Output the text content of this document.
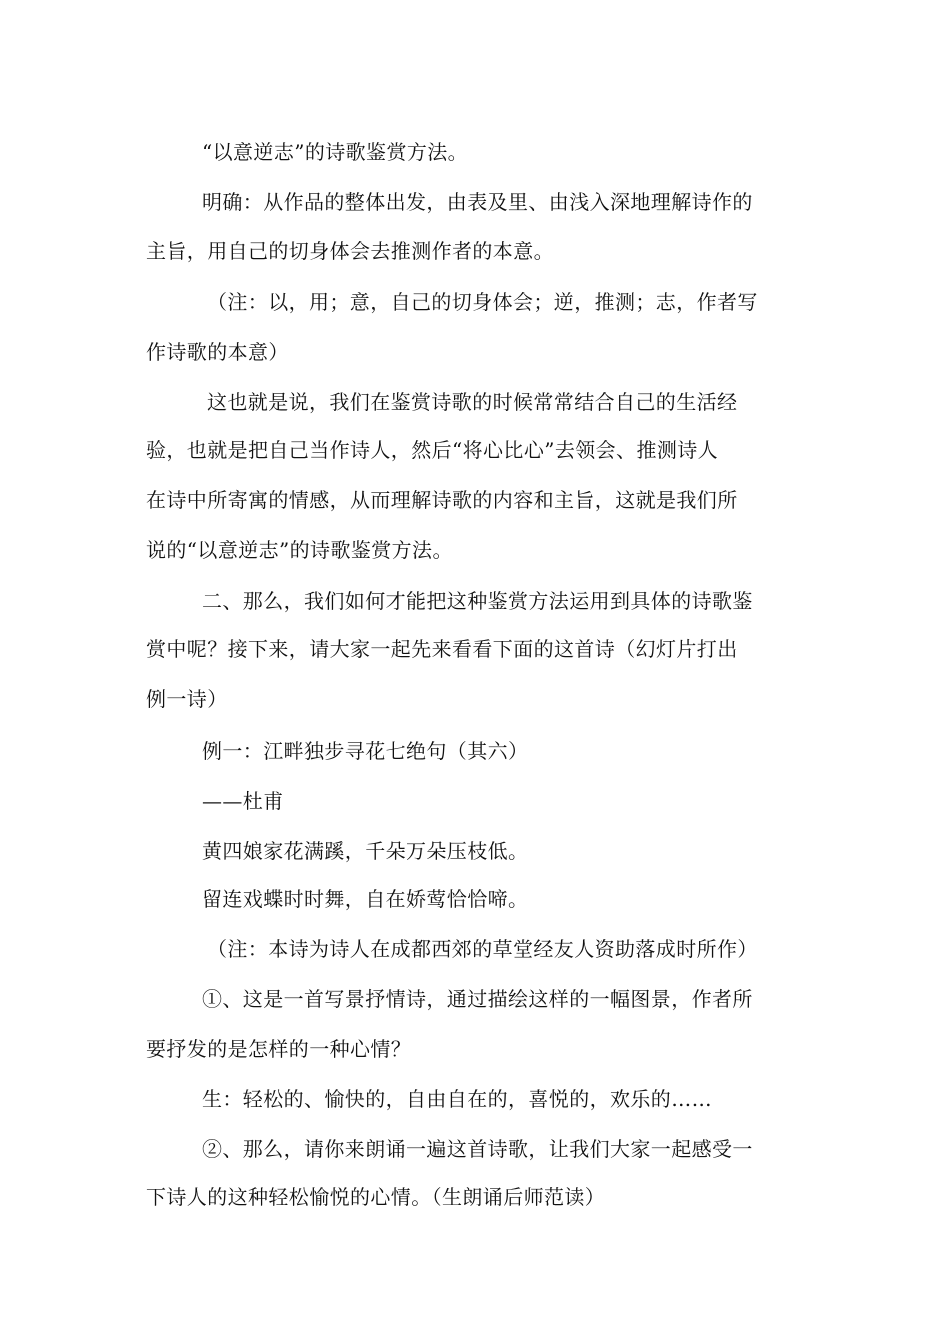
“以意逆志”的诗歌鉴赏方法。
明确：从作品的整体出发，由表及里、由浅入深地理解诗作的
主旨，用自己的切身体会去推测作者的本意。
（注：以，用；意，自己的切身体会；逆，推测；志，作者写
作诗歌的本意）
这也就是说，我们在鉴赏诗歌的时候常常结合自己的生活经
验，也就是把自己当作诗人，然后“将心比心”去领会、推测诗人
在诗中所寄寓的情感，从而理解诗歌的内容和主旨，这就是我们所
说的“以意逆志”的诗歌鉴赏方法。
二、那么，我们如何才能把这种鉴赏方法运用到具体的诗歌鉴
赏中呢？接下来，请大家一起先来看看下面的这首诗（幻灯片打出
例一诗）
例一：江畔独步寻花七绝句（其六）
——杜甫
黄四娘家花满蹊，千朵万朵压枝低。
留连戏蝶时时舞，自在娇莺恰恰啼。
（注：本诗为诗人在成都西郊的草堂经友人资助落成时所作）
①、这是一首写景抒情诗，通过描绘这样的一幅图景，作者所
要抒发的是怎样的一种心情？
生：轻松的、愉快的，自由自在的，喜悦的，欢乐的……
②、那么，请你来朗诵一遍这首诗歌，让我们大家一起感受一
下诗人的这种轻松愉悦的心情。（生朗诵后师范读）
